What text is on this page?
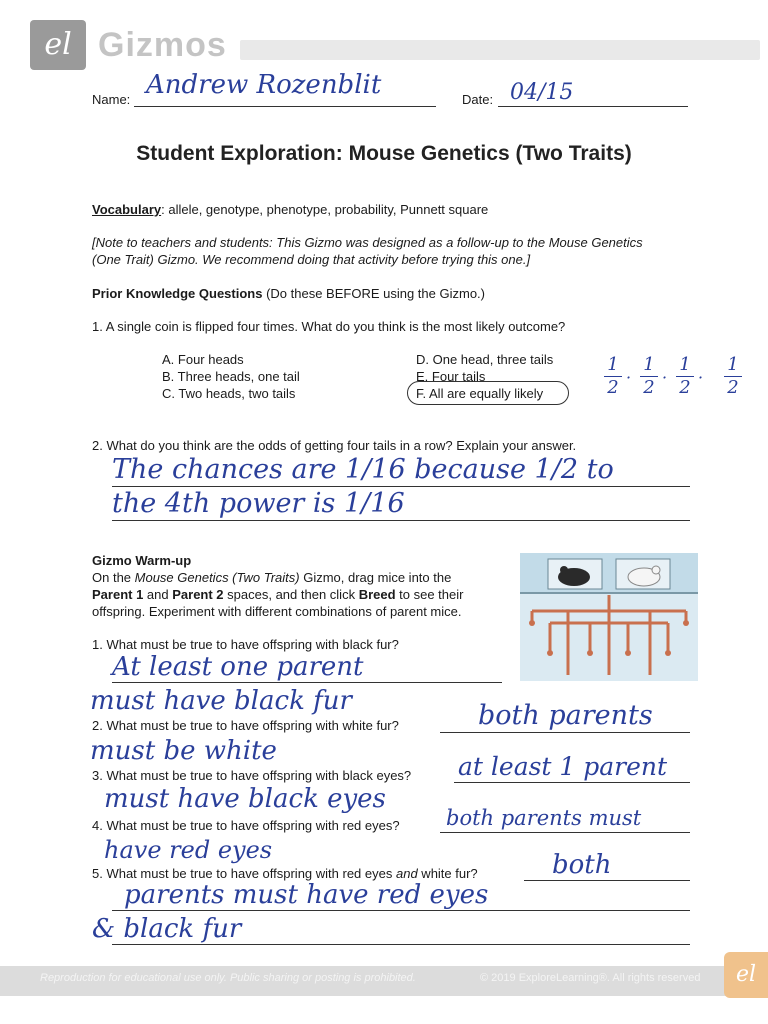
el Gizmos
Name: Andrew Rozenblit	Date: 04/15
Student Exploration: Mouse Genetics (Two Traits)
Vocabulary: allele, genotype, phenotype, probability, Punnett square
[Note to teachers and students: This Gizmo was designed as a follow-up to the Mouse Genetics
(One Trait) Gizmo. We recommend doing that activity before trying this one.]
Prior Knowledge Questions (Do these BEFORE using the Gizmo.)
1. A single coin is flipped four times. What do you think is the most likely outcome?
A. Four heads
B. Three heads, one tail
C. Two heads, two tails
D. One head, three tails
E. Four tails
F. All are equally likely
1
2 ·
1
2 ·
1
2 ·
1
2
2. What do you think are the odds of getting four tails in a row? Explain your answer.
The chances are 1/16 because 1/2 to
the 4th power is 1/16
Gizmo Warm-up
On the Mouse Genetics (Two Traits) Gizmo, drag mice into the
Parent 1 and Parent 2 spaces, and then click Breed to see their
offspring. Experiment with different combinations of parent mice.
1. What must be true to have offspring with black fur?
At least one parent
must have black fur
2. What must be true to have offspring with white fur?	both parents
must be white
3. What must be true to have offspring with black eyes? at least 1 parent
must have black eyes
4. What must be true to have offspring with red eyes? both parents must
have red eyes
5. What must be true to have offspring with red eyes and white fur?	both
parents must have red eyes
& black fur
Reproduction for educational use only. Public sharing or posting is prohibited.	© 2019 ExploreLearning®. All rights reserved	el
